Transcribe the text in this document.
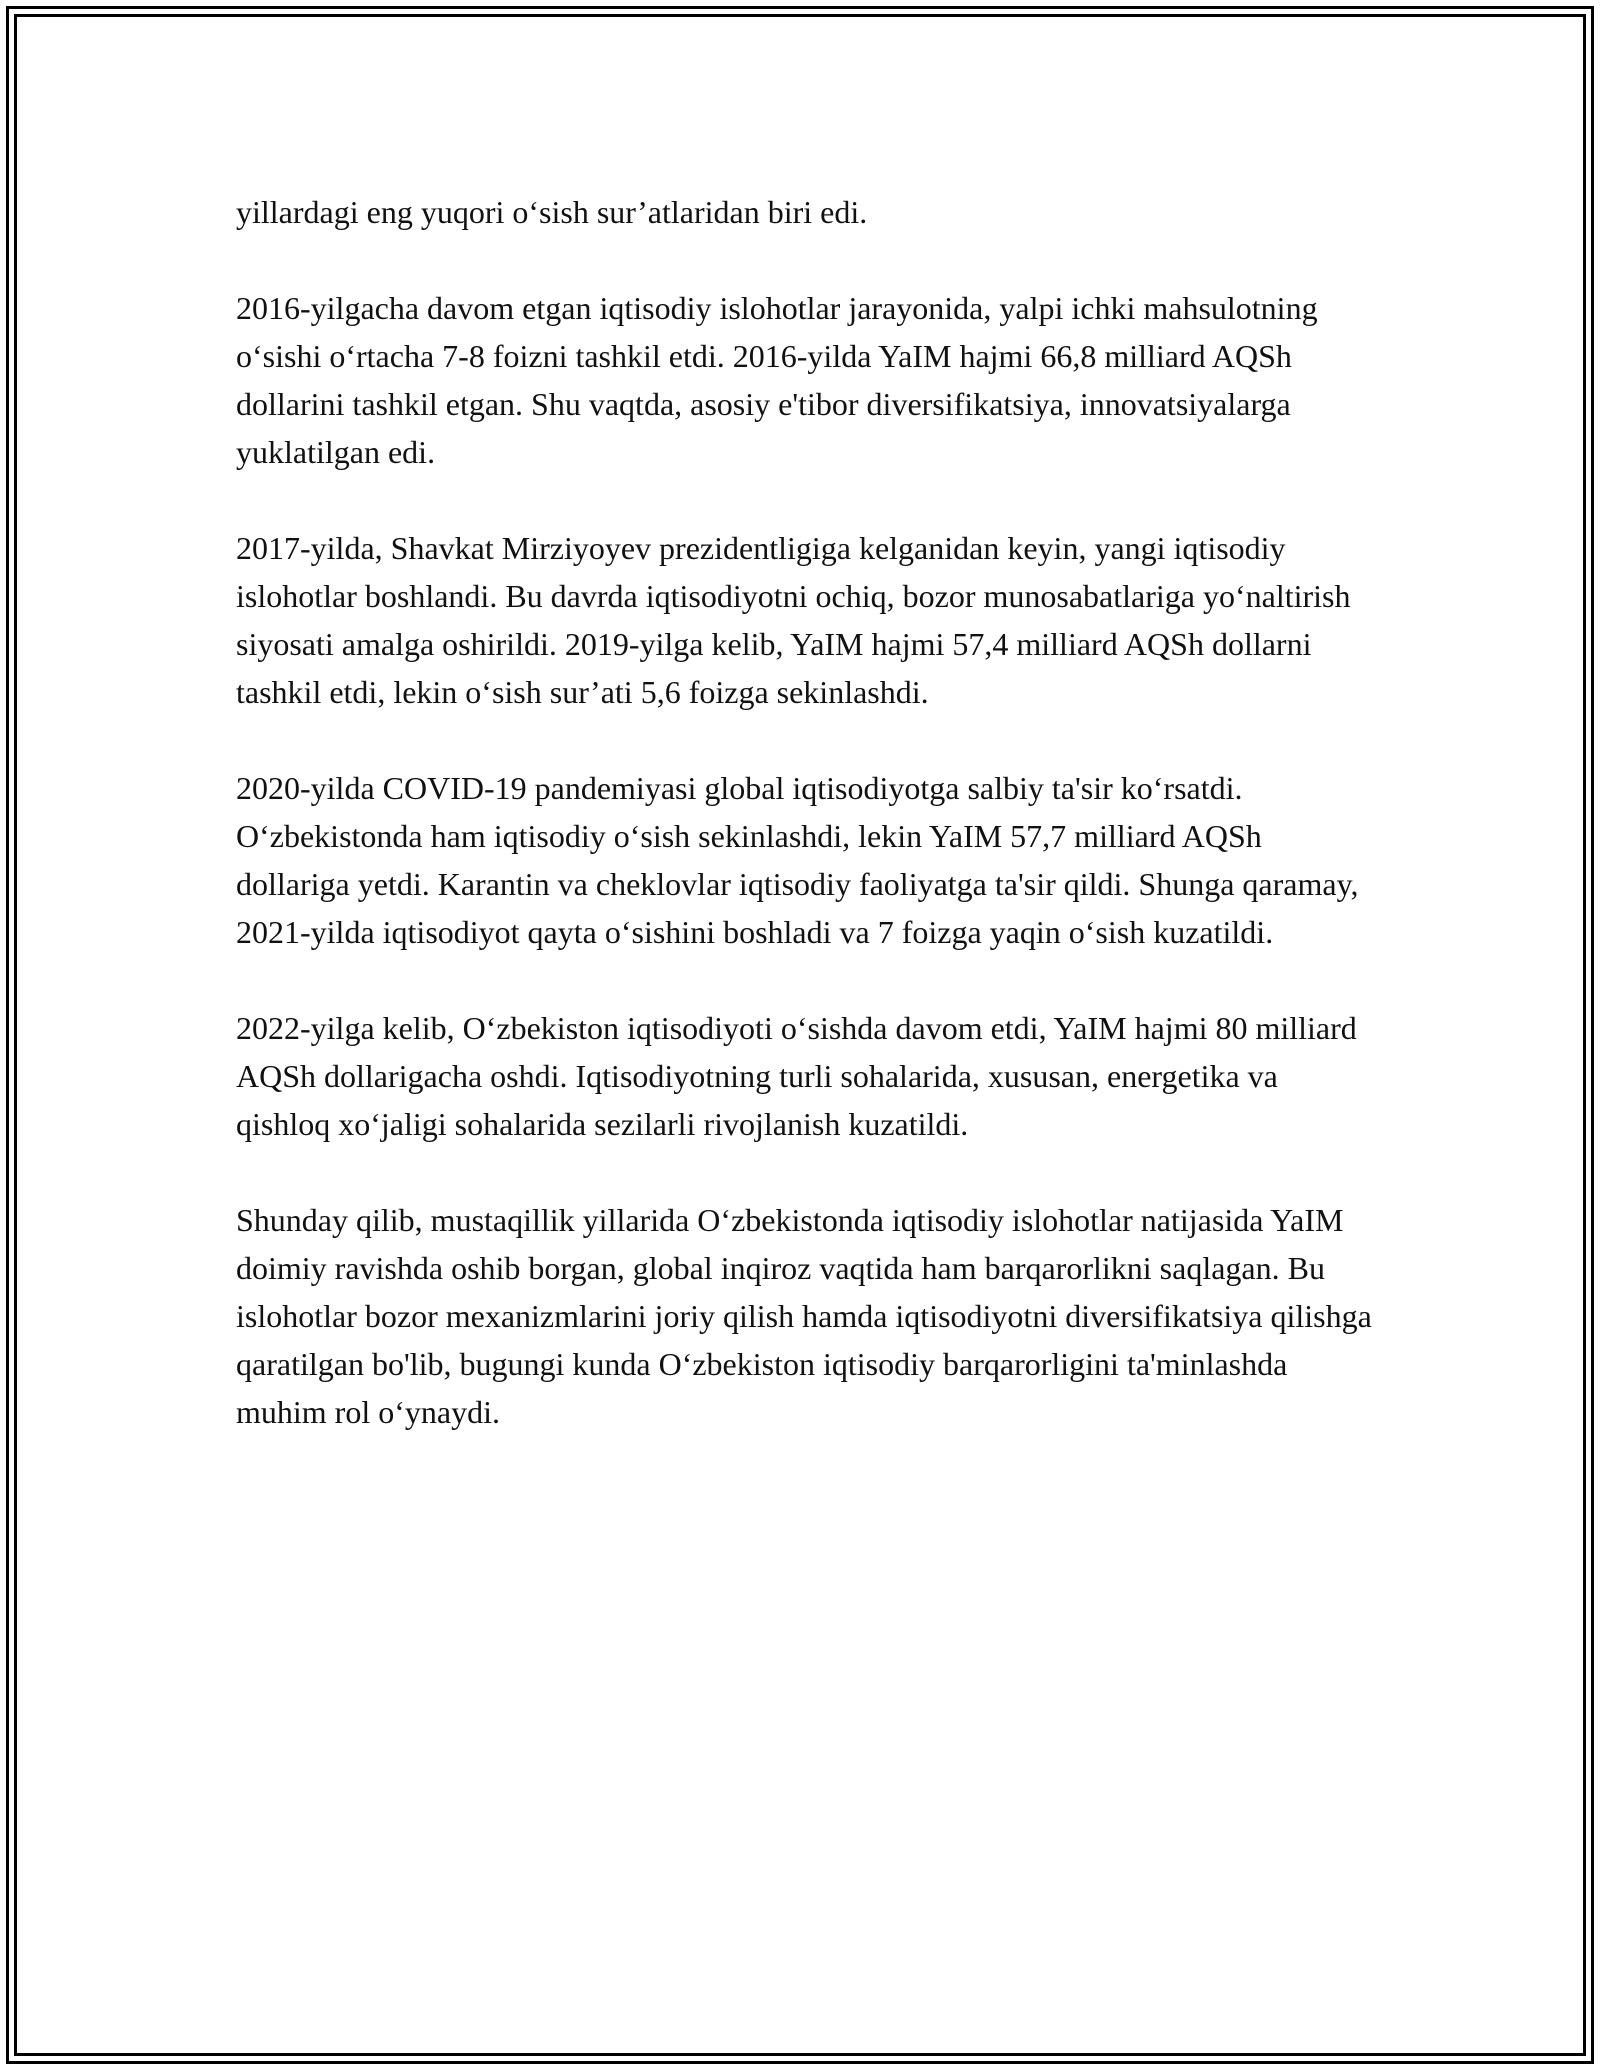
yillardagi eng yuqori o‘sish sur’atlaridan biri edi.

2016-yilgacha davom etgan iqtisodiy islohotlar jarayonida, yalpi ichki mahsulotning o‘sishi o‘rtacha 7-8 foizni tashkil etdi. 2016-yilda YaIM hajmi 66,8 milliard AQSh dollarini tashkil etgan. Shu vaqtda, asosiy e'tibor diversifikatsiya, innovatsiyalarga yuklatilgan edi.

2017-yilda, Shavkat Mirziyoyev prezidentligiga kelganidan keyin, yangi iqtisodiy islohotlar boshlandi. Bu davrda iqtisodiyotni ochiq, bozor munosabatlariga yo‘naltirish siyosati amalga oshirildi. 2019-yilga kelib, YaIM hajmi 57,4 milliard AQSh dollarni tashkil etdi, lekin o‘sish sur’ati 5,6 foizga sekinlashdi.

2020-yilda COVID-19 pandemiyasi global iqtisodiyotga salbiy ta'sir ko‘rsatdi. O‘zbekistonda ham iqtisodiy o‘sish sekinlashdi, lekin YaIM 57,7 milliard AQSh dollariga yetdi. Karantin va cheklovlar iqtisodiy faoliyatga ta'sir qildi. Shunga qaramay, 2021-yilda iqtisodiyot qayta o‘sishini boshladi va 7 foizga yaqin o‘sish kuzatildi.

2022-yilga kelib, O‘zbekiston iqtisodiyoti o‘sishda davom etdi, YaIM hajmi 80 milliard AQSh dollarigacha oshdi. Iqtisodiyotning turli sohalarida, xususan, energetika va qishloq xo‘jaligi sohalarida sezilarli rivojlanish kuzatildi.

Shunday qilib, mustaqillik yillarida O‘zbekistonda iqtisodiy islohotlar natijasida YaIM doimiy ravishda oshib borgan, global inqiroz vaqtida ham barqarorlikni saqlagan. Bu islohotlar bozor mexanizmlarini joriy qilish hamda iqtisodiyotni diversifikatsiya qilishga qaratilgan bo'lib, bugungi kunda O‘zbekiston iqtisodiy barqarorligini ta'minlashda muhim rol o‘ynaydi.
